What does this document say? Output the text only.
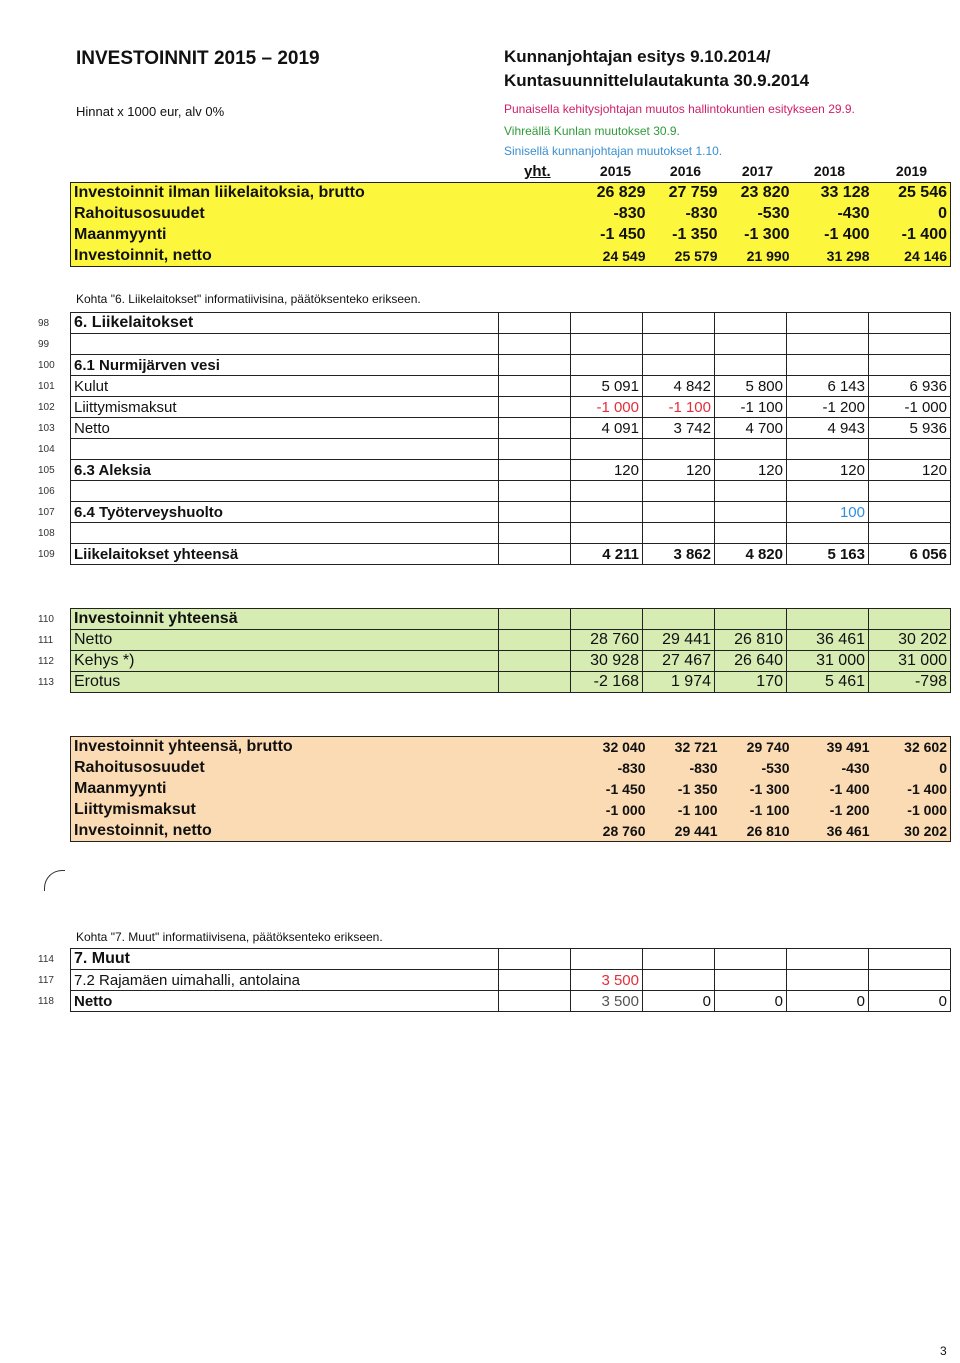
INVESTOINNIT 2015 – 2019	Kunnanjohtajan esitys 9.10.2014/
Kuntasuunnittelulautakunta 30.9.2014
Hinnat x 1000 eur, alv 0%	Punaisella kehitysjohtajan muutos hallintokuntien esitykseen 29.9.
Vihreällä Kunlan muutokset 30.9.
Sinisellä kunnanjohtajan muutokset 1.10.
yht.	2015	2016	2017	2018	2019
Investoinnit ilman liikelaitoksia, brutto	26 829	27 759	23 820	33 128	25 546
Rahoitusosuudet	-830	-830	-530	-430	0
Maanmyynti	-1 450	-1 350	-1 300	-1 400	-1 400
Investoinnit, netto	24 549	25 579	21 990	31 298	24 146
Kohta "6. Liikelaitokset" informatiivisina, päätöksenteko erikseen.
98
99
100
101
102
103
104
105
106
107
108
109
6. Liikelaitokset						

6.1 Nurmijärven vesi						
Kulut		5 091	4 842	5 800	6 143	6 936
Liittymismaksut		-1 000	-1 100	-1 100	-1 200	-1 000
Netto		4 091	3 742	4 700	4 943	5 936

6.3 Aleksia		120	120	120	120	120

6.4 Työterveyshuolto					100	

Liikelaitokset yhteensä		4 211	3 862	4 820	5 163	6 056
110
111
112
113
Investoinnit yhteensä						
Netto		28 760	29 441	26 810	36 461	30 202
Kehys *)		30 928	27 467	26 640	31 000	31 000
Erotus		-2 168	1 974	170	5 461	-798
Investoinnit yhteensä, brutto	32 040	32 721	29 740	39 491	32 602
Rahoitusosuudet	-830	-830	-530	-430	0
Maanmyynti	-1 450	-1 350	-1 300	-1 400	-1 400
Liittymismaksut	-1 000	-1 100	-1 100	-1 200	-1 000
Investoinnit, netto	28 760	29 441	26 810	36 461	30 202
Kohta "7. Muut" informatiivisena, päätöksenteko erikseen.
114
117
118
7. Muut						
7.2 Rajamäen uimahalli, antolaina		3 500				
Netto		3 500	0	0	0	0
3
